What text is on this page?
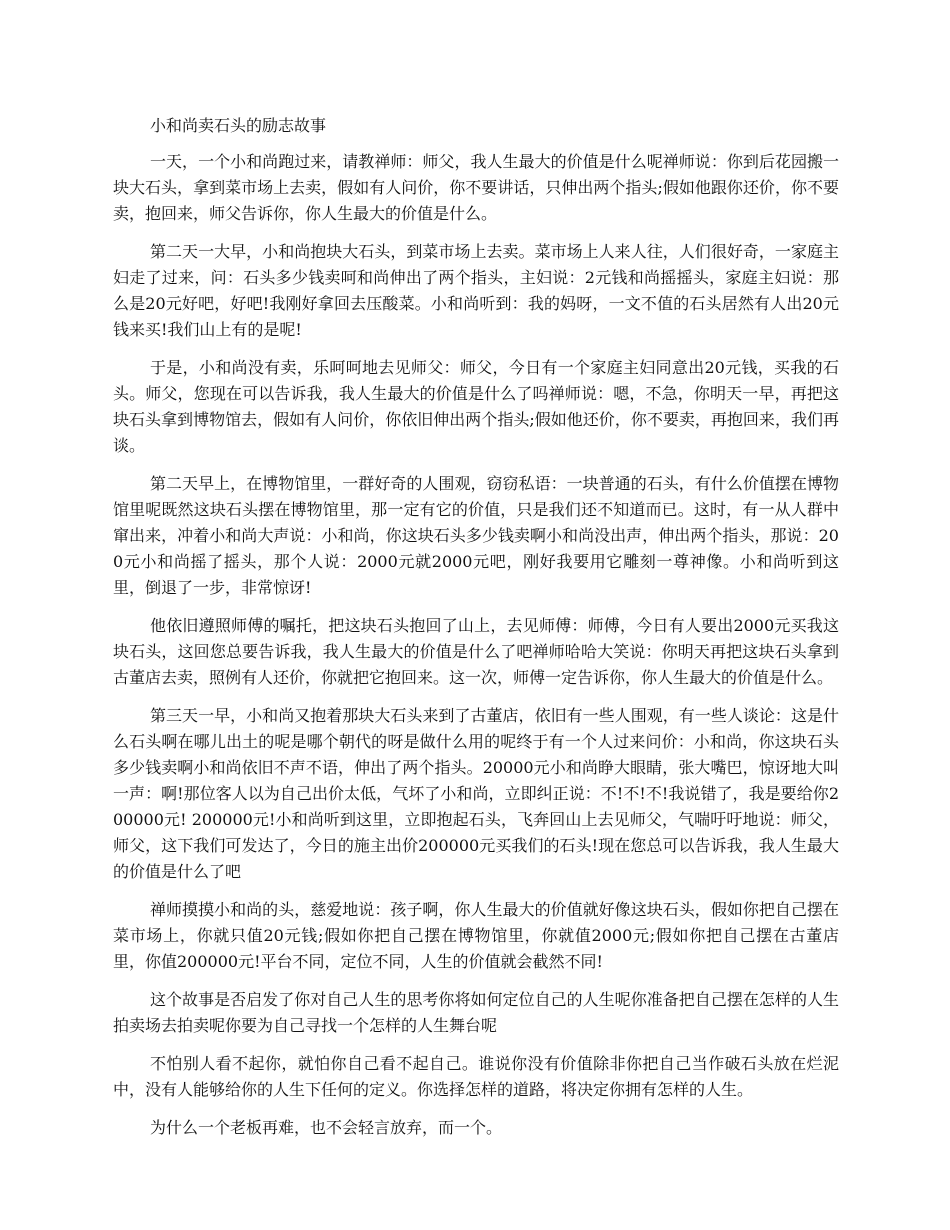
小和尚卖石头的励志故事

一天，一个小和尚跑过来，请教禅师：师父，我人生最大的价值是什么呢禅师说：你到后花园搬一块大石头，拿到菜市场上去卖，假如有人问价，你不要讲话，只伸出两个指头;假如他跟你还价，你不要卖，抱回来，师父告诉你，你人生最大的价值是什么。

第二天一大早，小和尚抱块大石头，到菜市场上去卖。菜市场上人来人往，人们很好奇，一家庭主妇走了过来，问：石头多少钱卖呵和尚伸出了两个指头，主妇说：2元钱和尚摇摇头，家庭主妇说：那么是20元好吧，好吧!我刚好拿回去压酸菜。小和尚听到：我的妈呀，一文不值的石头居然有人出20元钱来买!我们山上有的是呢!

于是，小和尚没有卖，乐呵呵地去见师父：师父，今日有一个家庭主妇同意出20元钱，买我的石头。师父，您现在可以告诉我，我人生最大的价值是什么了吗禅师说：嗯，不急，你明天一早，再把这块石头拿到博物馆去，假如有人问价，你依旧伸出两个指头;假如他还价，你不要卖，再抱回来，我们再谈。

第二天早上，在博物馆里，一群好奇的人围观，窃窃私语：一块普通的石头，有什么价值摆在博物馆里呢既然这块石头摆在博物馆里，那一定有它的价值，只是我们还不知道而已。这时，有一从人群中窜出来，冲着小和尚大声说：小和尚，你这块石头多少钱卖啊小和尚没出声，伸出两个指头，那说：200元小和尚摇了摇头，那个人说：2000元就2000元吧，刚好我要用它雕刻一尊神像。小和尚听到这里，倒退了一步，非常惊讶!

他依旧遵照师傅的嘱托，把这块石头抱回了山上，去见师傅：师傅，今日有人要出2000元买我这块石头，这回您总要告诉我，我人生最大的价值是什么了吧禅师哈哈大笑说：你明天再把这块石头拿到古董店去卖，照例有人还价，你就把它抱回来。这一次，师傅一定告诉你，你人生最大的价值是什么。

第三天一早，小和尚又抱着那块大石头来到了古董店，依旧有一些人围观，有一些人谈论：这是什么石头啊在哪儿出土的呢是哪个朝代的呀是做什么用的呢终于有一个人过来问价：小和尚，你这块石头多少钱卖啊小和尚依旧不声不语，伸出了两个指头。20000元小和尚睁大眼睛，张大嘴巴，惊讶地大叫一声：啊!那位客人以为自己出价太低，气坏了小和尚，立即纠正说：不!不!不!我说错了，我是要给你200000元! 200000元!小和尚听到这里，立即抱起石头，飞奔回山上去见师父，气喘吁吁地说：师父，师父，这下我们可发达了，今日的施主出价200000元买我们的石头!现在您总可以告诉我，我人生最大的价值是什么了吧

禅师摸摸小和尚的头，慈爱地说：孩子啊，你人生最大的价值就好像这块石头，假如你把自己摆在菜市场上，你就只值20元钱;假如你把自己摆在博物馆里，你就值2000元;假如你把自己摆在古董店里，你值200000元!平台不同，定位不同，人生的价值就会截然不同!

这个故事是否启发了你对自己人生的思考你将如何定位自己的人生呢你准备把自己摆在怎样的人生拍卖场去拍卖呢你要为自己寻找一个怎样的人生舞台呢

不怕别人看不起你，就怕你自己看不起自己。谁说你没有价值除非你把自己当作破石头放在烂泥中，没有人能够给你的人生下任何的定义。你选择怎样的道路，将决定你拥有怎样的人生。

为什么一个老板再难，也不会轻言放弃，而一个。
